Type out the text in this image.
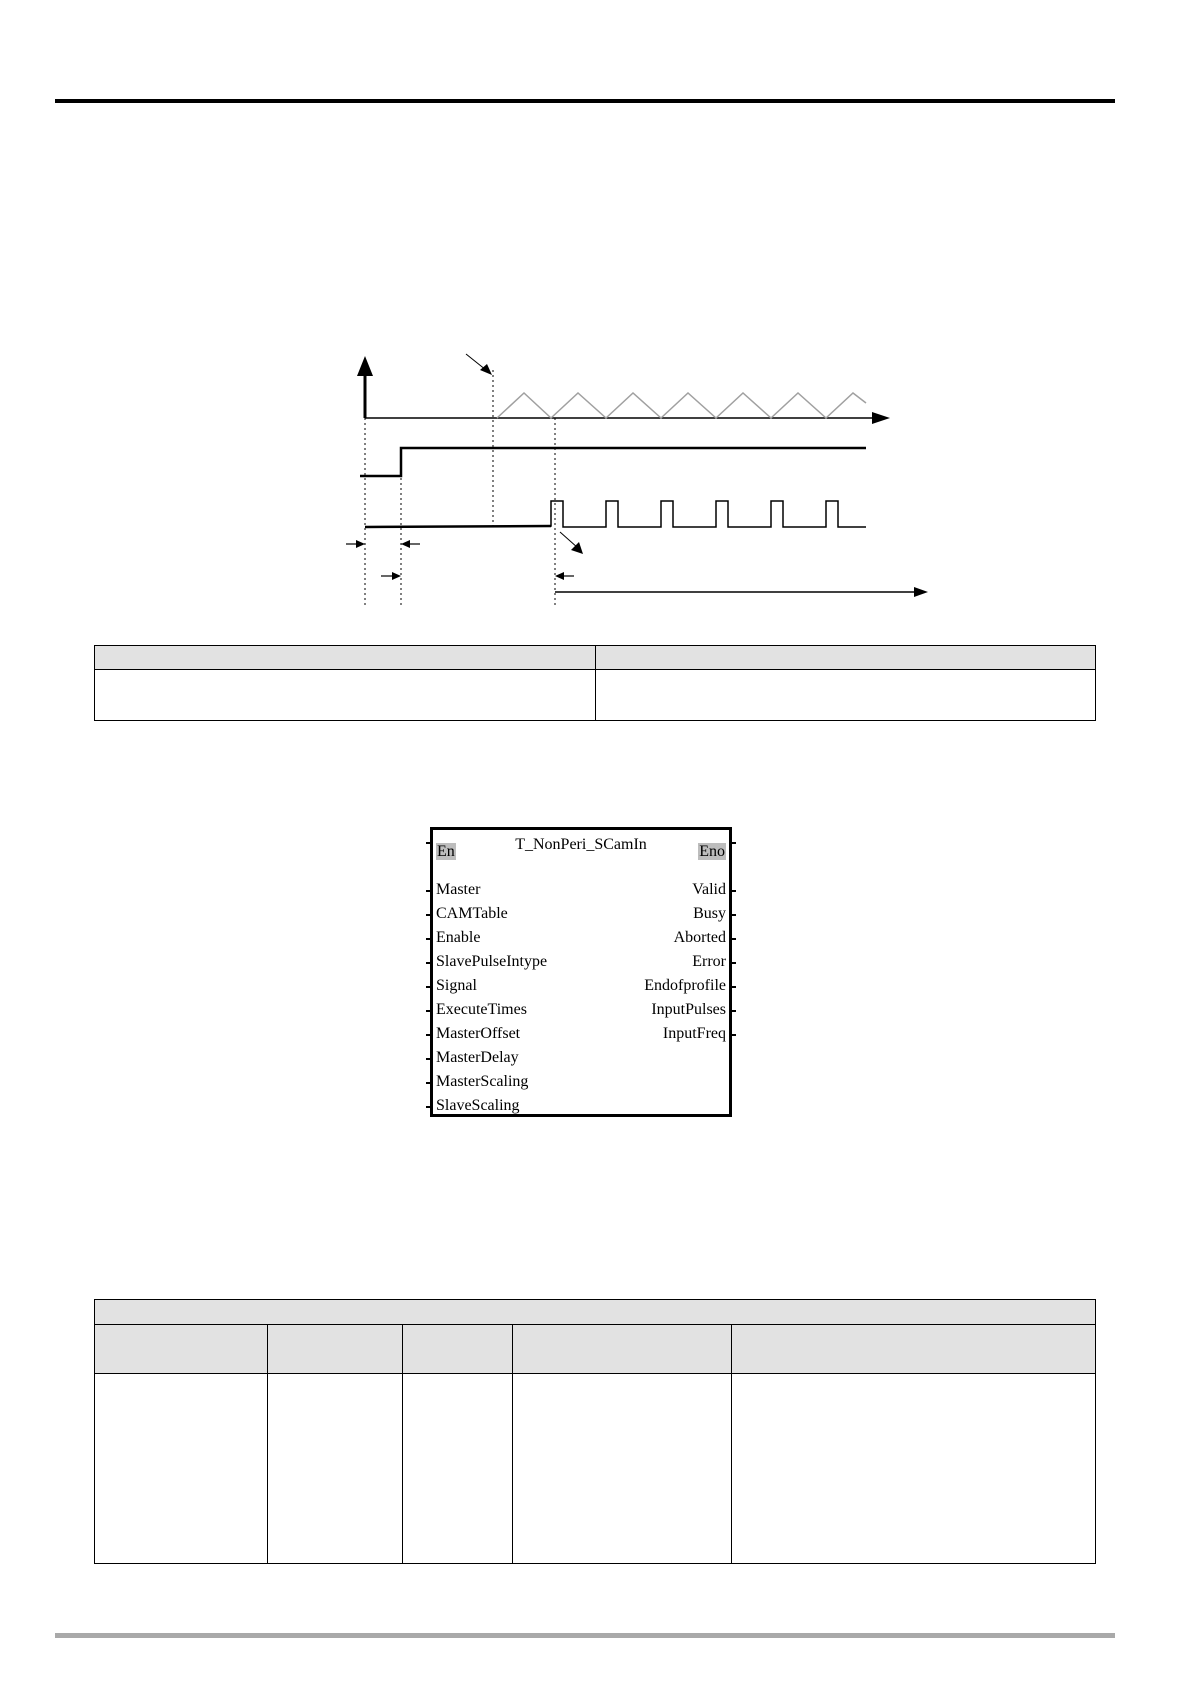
T_NonPeri_SCamIn
En	Eno
Master
CAMTable
Enable
SlavePulseIntype
Signal
ExecuteTimes
MasterOffset
MasterDelay
MasterScaling
SlaveScaling
Valid
Busy
Aborted
Error
Endofprofile
InputPulses
InputFreq
